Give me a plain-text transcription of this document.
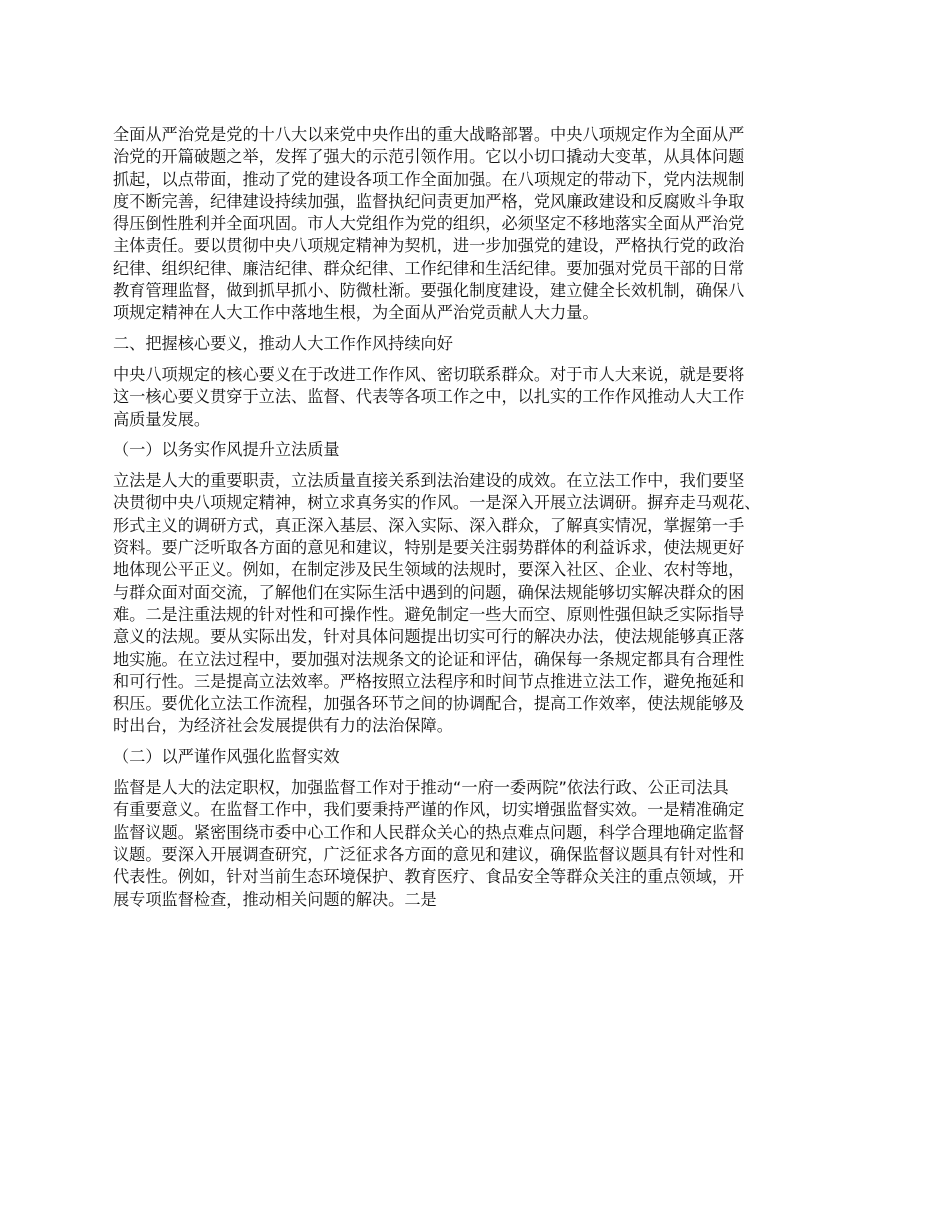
全面从严治党是党的十八大以来党中央作出的重大战略部署。中央八项规定作为全面从严
治党的开篇破题之举，发挥了强大的示范引领作用。它以小切口撬动大变革，从具体问题
抓起，以点带面，推动了党的建设各项工作全面加强。在八项规定的带动下，党内法规制
度不断完善，纪律建设持续加强，监督执纪问责更加严格，党风廉政建设和反腐败斗争取
得压倒性胜利并全面巩固。市人大党组作为党的组织，必须坚定不移地落实全面从严治党
主体责任。要以贯彻中央八项规定精神为契机，进一步加强党的建设，严格执行党的政治
纪律、组织纪律、廉洁纪律、群众纪律、工作纪律和生活纪律。要加强对党员干部的日常
教育管理监督，做到抓早抓小、防微杜渐。要强化制度建设，建立健全长效机制，确保八
项规定精神在人大工作中落地生根，为全面从严治党贡献人大力量。
二、把握核心要义，推动人大工作作风持续向好
中央八项规定的核心要义在于改进工作作风、密切联系群众。对于市人大来说，就是要将
这一核心要义贯穿于立法、监督、代表等各项工作之中，以扎实的工作作风推动人大工作
高质量发展。
（一）以务实作风提升立法质量
立法是人大的重要职责，立法质量直接关系到法治建设的成效。在立法工作中，我们要坚
决贯彻中央八项规定精神，树立求真务实的作风。一是深入开展立法调研。摒弃走马观花、
形式主义的调研方式，真正深入基层、深入实际、深入群众，了解真实情况，掌握第一手
资料。要广泛听取各方面的意见和建议，特别是要关注弱势群体的利益诉求，使法规更好
地体现公平正义。例如，在制定涉及民生领域的法规时，要深入社区、企业、农村等地，
与群众面对面交流，了解他们在实际生活中遇到的问题，确保法规能够切实解决群众的困
难。二是注重法规的针对性和可操作性。避免制定一些大而空、原则性强但缺乏实际指导
意义的法规。要从实际出发，针对具体问题提出切实可行的解决办法，使法规能够真正落
地实施。在立法过程中，要加强对法规条文的论证和评估，确保每一条规定都具有合理性
和可行性。三是提高立法效率。严格按照立法程序和时间节点推进立法工作，避免拖延和
积压。要优化立法工作流程，加强各环节之间的协调配合，提高工作效率，使法规能够及
时出台，为经济社会发展提供有力的法治保障。
（二）以严谨作风强化监督实效
监督是人大的法定职权，加强监督工作对于推动“一府一委两院”依法行政、公正司法具
有重要意义。在监督工作中，我们要秉持严谨的作风，切实增强监督实效。一是精准确定
监督议题。紧密围绕市委中心工作和人民群众关心的热点难点问题，科学合理地确定监督
议题。要深入开展调查研究，广泛征求各方面的意见和建议，确保监督议题具有针对性和
代表性。例如，针对当前生态环境保护、教育医疗、食品安全等群众关注的重点领域，开
展专项监督检查，推动相关问题的解决。二是
